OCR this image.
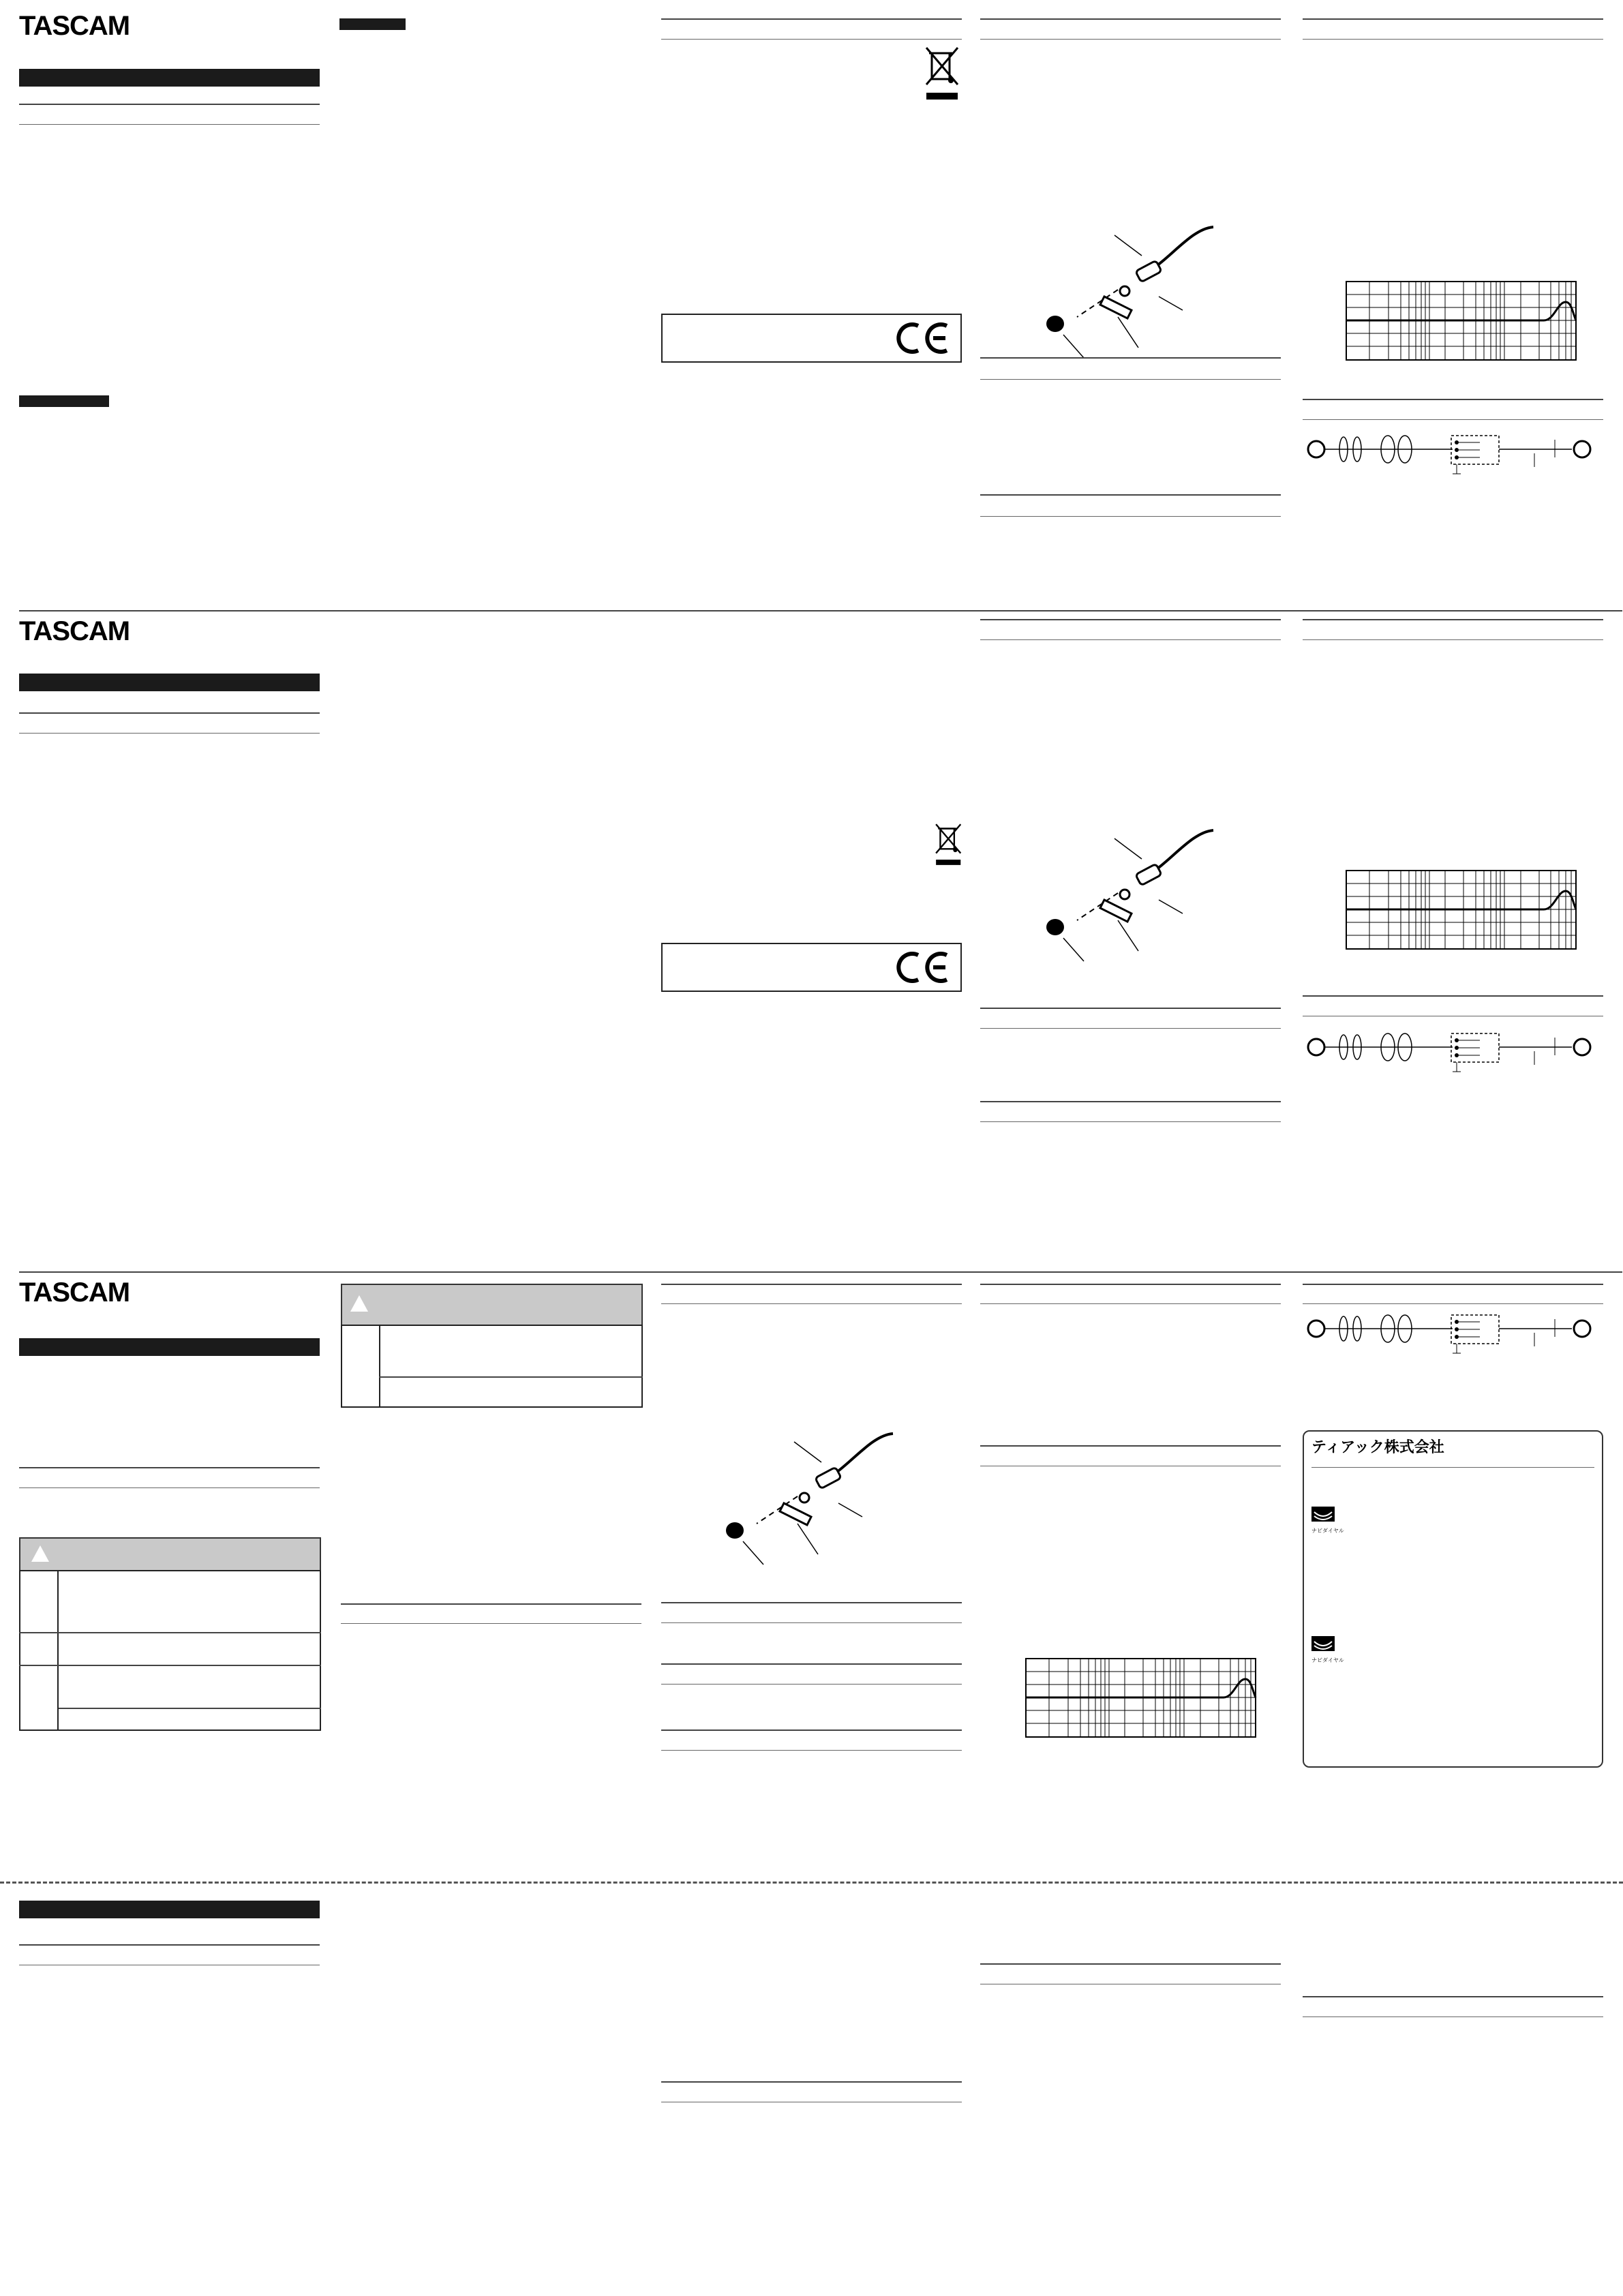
TASCAM
TASCAM
TASCAM
ティアック株式会社
ナビダイヤル
ナビダイヤル
